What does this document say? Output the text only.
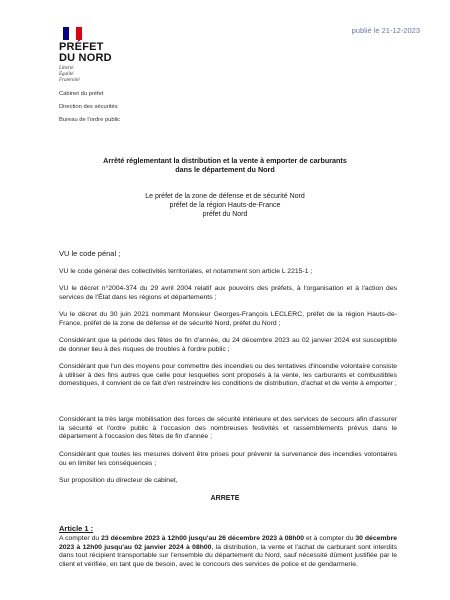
publié le 21-12-2023
PRÉFET
DU NORD
Liberté
Égalité
Fraternité
Cabinet du préfet
Direction des sécurités
Bureau de l'ordre public
Arrêté réglementant la distribution et la vente à emporter de carburants
dans le département du Nord
Le préfet de la zone de défense et de sécurité Nord
préfet de la région Hauts-de-France
préfet du Nord
VU le code pénal ;
VU le code général des collectivités territoriales, et notamment son article L 2215-1 ;
VU le décret n°2004-374 du 29 avril 2004 relatif aux pouvoirs des préfets, à l'organisation et à l'action des services de l'État dans les régions et départements ;
Vu le décret du 30 juin 2021 nommant Monsieur Georges-François LECLERC, préfet de la région Hauts-de-France, préfet de la zone de défense et de sécurité Nord, préfet du Nord ;
Considérant que la période des fêtes de fin d'année, du 24 décembre 2023 au 02 janvier 2024 est susceptible de donner lieu à des risques de troubles à l'ordre public ;
Considérant que l'un des moyens pour commettre des incendies ou des tentatives d'incendie volontaire consiste à utiliser à des fins autres que celle pour lesquelles sont proposés à la vente, les carburants et combustibles domestiques, il convient de ce fait d'en restreindre les conditions de distribution, d'achat et de vente à emporter ;
Considérant la très large mobilisation des forces de sécurité intérieure et des services de secours afin d'assurer la sécurité et l'ordre public à l'occasion des nombreuses festivités et rassemblements prévus dans le département à l'occasion des fêtes de fin d'année ;
Considérant que toutes les mesures doivent être prises pour prévenir la survenance des incendies volontaires ou en limiter les conséquences ;
Sur proposition du directeur de cabinet,
ARRETE
Article 1 :
A compter du 23 décembre 2023 à 12h00 jusqu'au 26 décembre 2023 à 08h00 et à compter du 30 décembre 2023 à 12h00 jusqu'au 02 janvier 2024 à 08h00, la distribution, la vente et l'achat de carburant sont interdits dans tout récipient transportable sur l'ensemble du département du Nord, sauf nécessité dûment justifiée par le client et vérifiée, en tant que de besoin, avec le concours des services de police et de gendarmerie.
